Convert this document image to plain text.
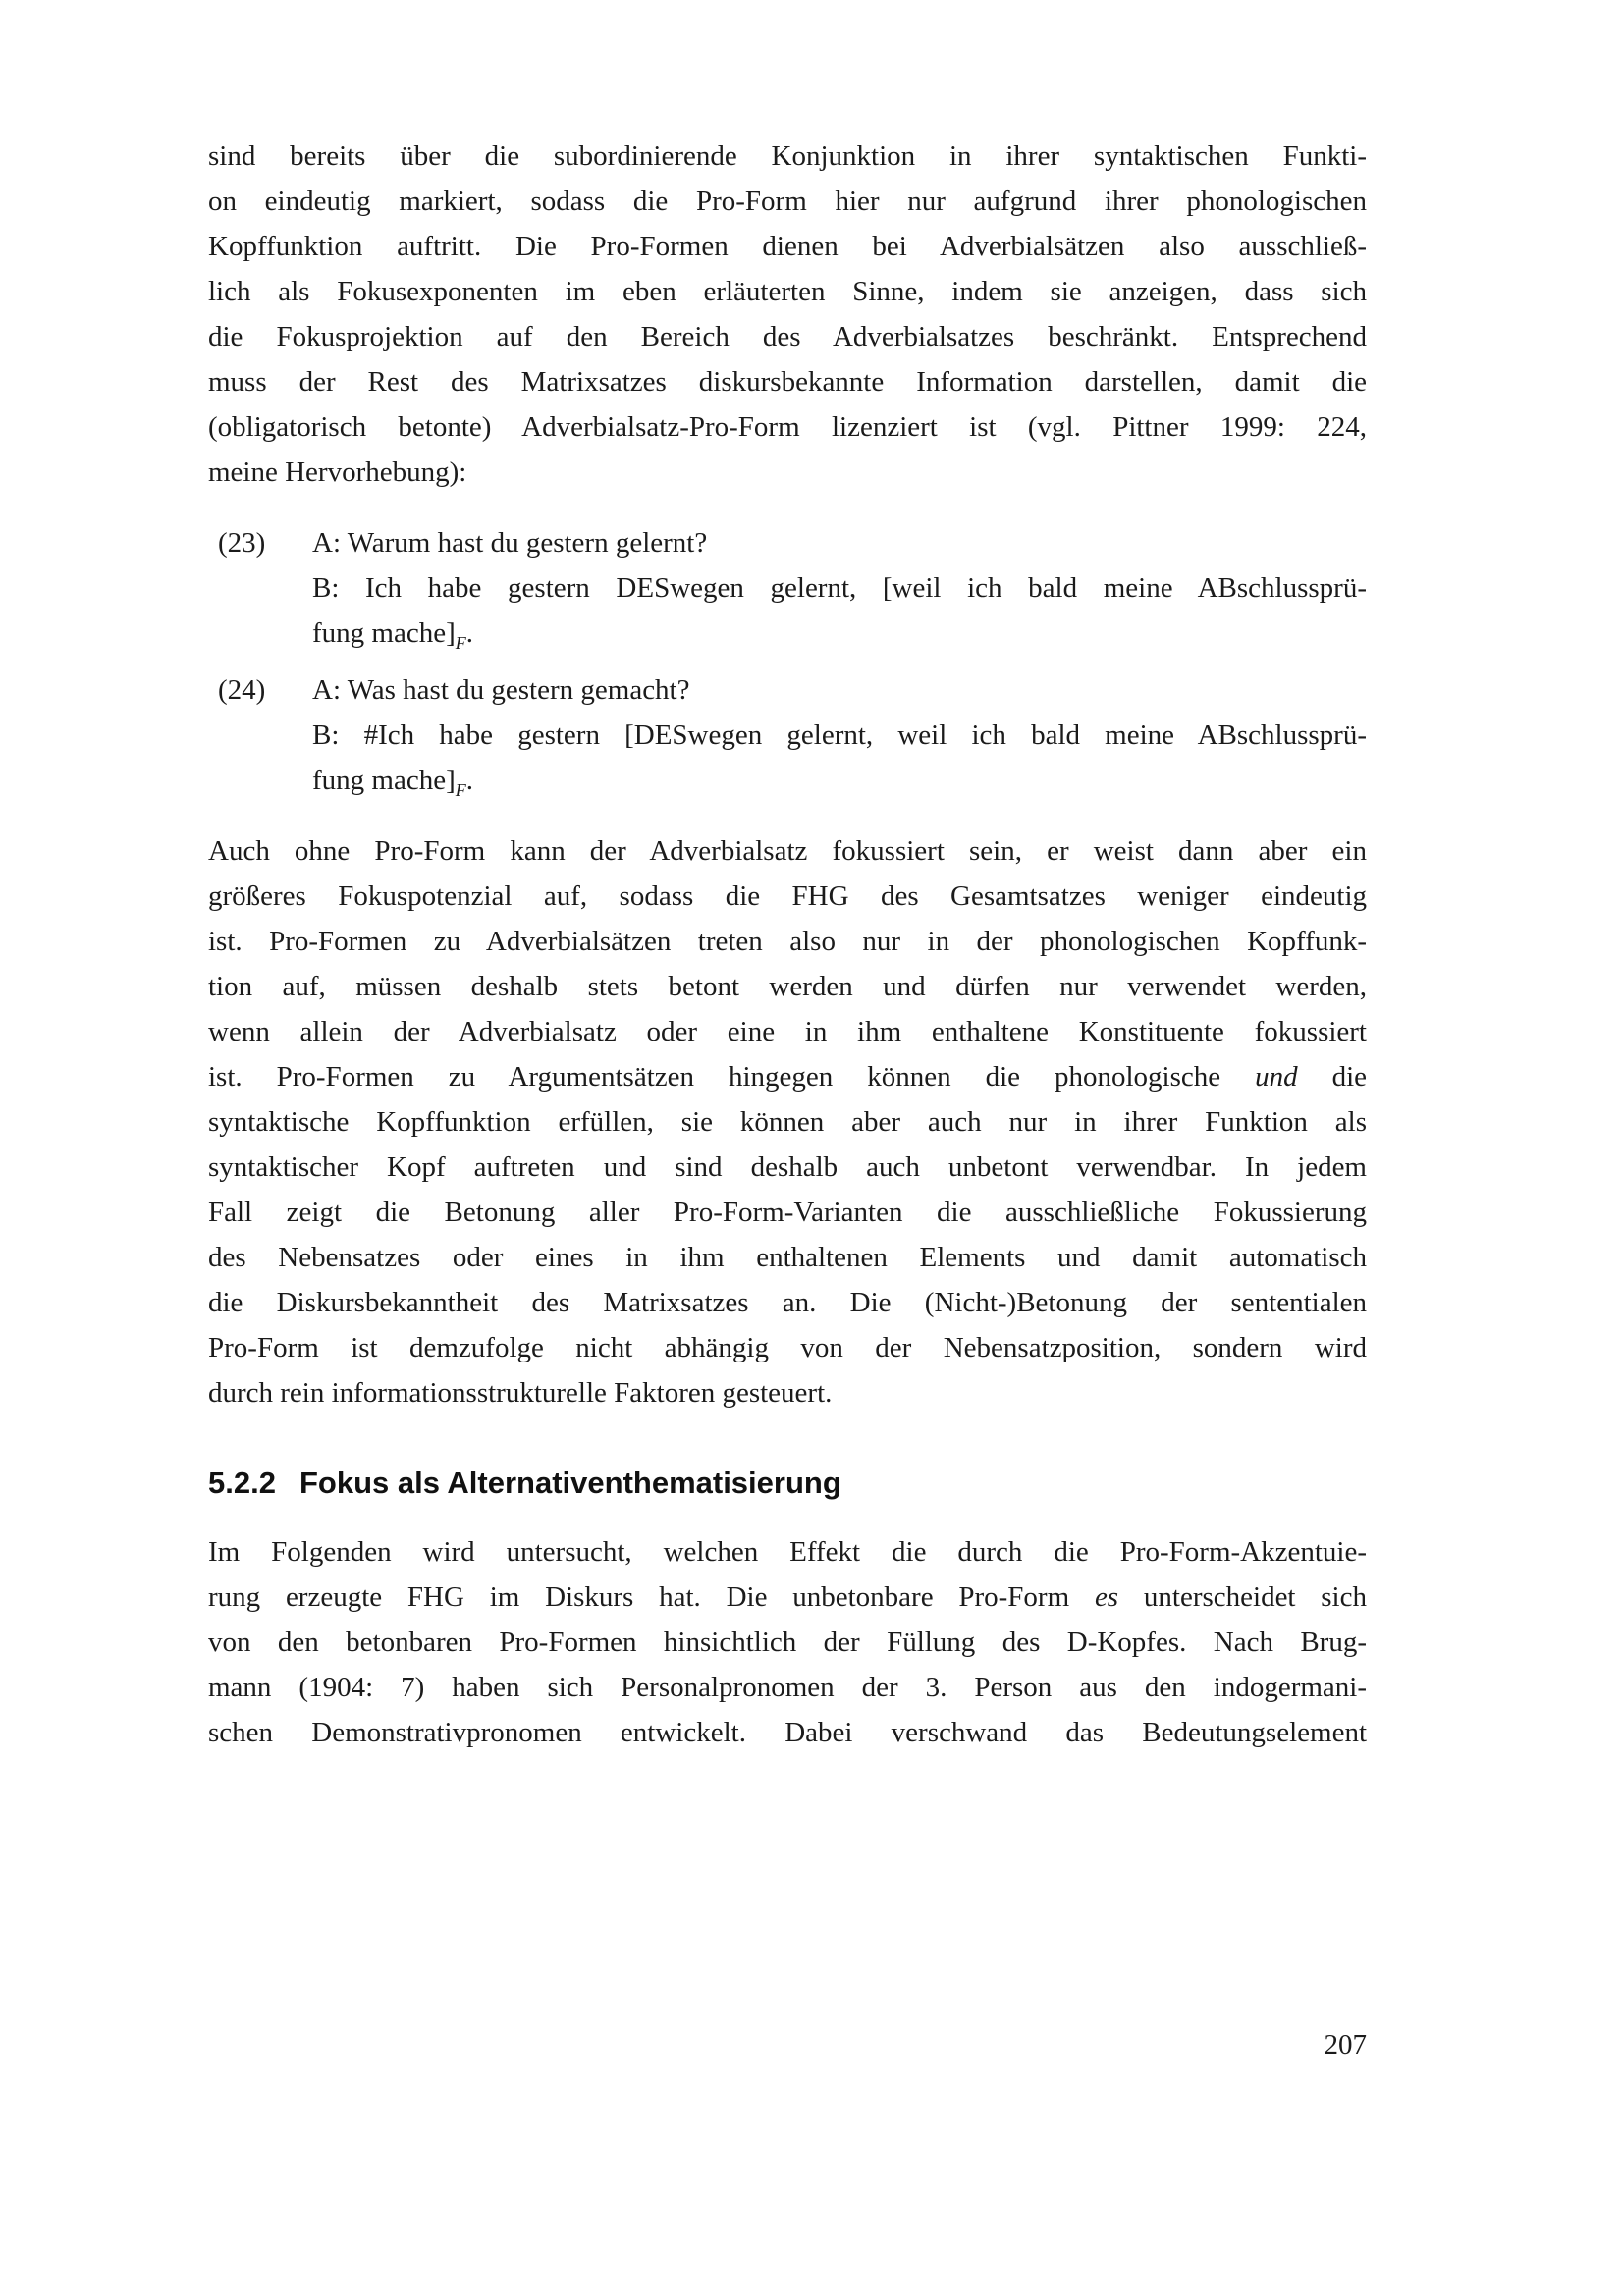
sind bereits über die subordinierende Konjunktion in ihrer syntaktischen Funkti-
on eindeutig markiert, sodass die Pro-Form hier nur aufgrund ihrer phonologischen
Kopffunktion auftritt. Die Pro-Formen dienen bei Adverbialsätzen also ausschließ-
lich als Fokusexponenten im eben erläuterten Sinne, indem sie anzeigen, dass sich
die Fokusprojektion auf den Bereich des Adverbialsatzes beschränkt. Entsprechend
muss der Rest des Matrixsatzes diskursbekannte Information darstellen, damit die
(obligatorisch betonte) Adverbialsatz-Pro-Form lizenziert ist (vgl. Pittner 1999: 224,
meine Hervorhebung):
(23) A: Warum hast du gestern gelernt?
B: Ich habe gestern DESwegen gelernt, [weil ich bald meine ABschlussprü-
fung $mache]_F$.
(24) A: Was hast du gestern gemacht?
B: #Ich habe gestern [DESwegen gelernt, weil ich bald meine ABschlussprü-
fung $mache]_F$.
Auch ohne Pro-Form kann der Adverbialsatz fokussiert sein, er weist dann aber ein
größeres Fokuspotenzial auf, sodass die FHG des Gesamtsatzes weniger eindeutig
ist. Pro-Formen zu Adverbialsätzen treten also nur in der phonologischen Kopffunk-
tion auf, müssen deshalb stets betont werden und dürfen nur verwendet werden,
wenn allein der Adverbialsatz oder eine in ihm enthaltene Konstituente fokussiert
ist. Pro-Formen zu Argumentsätzen hingegen können die phonologische und die
syntaktische Kopffunktion erfüllen, sie können aber auch nur in ihrer Funktion als
syntaktischer Kopf auftreten und sind deshalb auch unbetont verwendbar. In jedem
Fall zeigt die Betonung aller Pro-Form-Varianten die ausschließliche Fokussierung
des Nebensatzes oder eines in ihm enthaltenen Elements und damit automatisch
die Diskursbekanntheit des Matrixsatzes an. Die (Nicht-)Betonung der sententialen
Pro-Form ist demzufolge nicht abhängig von der Nebensatzposition, sondern wird
durch rein informationsstrukturelle Faktoren gesteuert.
5.2.2 Fokus als Alternativenthematisierung
Im Folgenden wird untersucht, welchen Effekt die durch die Pro-Form-Akzentuie-
rung erzeugte FHG im Diskurs hat. Die unbetonbare Pro-Form es unterscheidet sich
von den betonbaren Pro-Formen hinsichtlich der Füllung des D-Kopfes. Nach Brug-
mann (1904: 7) haben sich Personalpronomen der 3. Person aus den indogermani-
schen Demonstrativpronomen entwickelt. Dabei verschwand das Bedeutungselement
207
